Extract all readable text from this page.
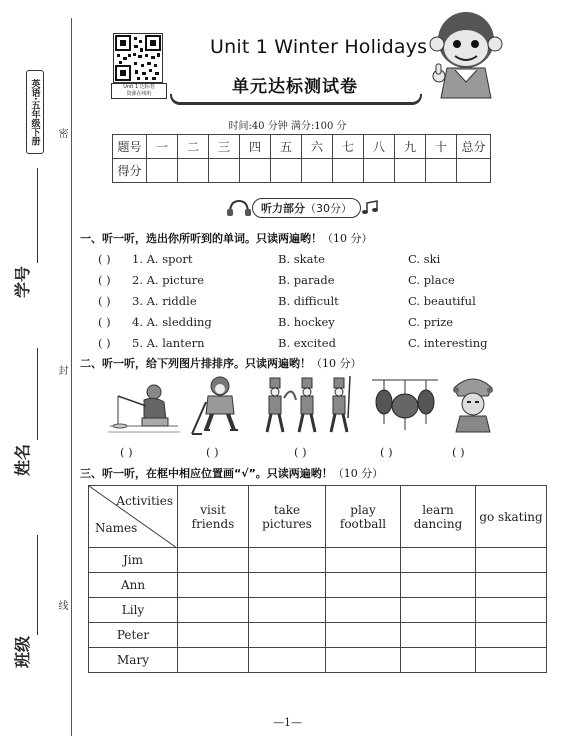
英语·五年级下册	密
封
线
学号
姓名
班级
Unit 1 达标卷
资源在线听
Unit 1 Winter Holidays
单元达标测试卷
时间:40 分钟 满分:100 分
题号	一	二	三	四	五	六	七	八	九	十	总分
得分											
听力部分（30分）
一、听一听，选出你所听到的单词。只读两遍哟！（10 分）
( ) 1. A. sport	B. skate	C. ski
( ) 2. A. picture	B. parade	C. place
( ) 3. A. riddle	B. difficult	C. beautiful
( ) 4. A. sledding	B. hockey	C. prize
( ) 5. A. lantern	B. excited	C. interesting
二、听一听，给下列图片排排序。只读两遍哟！（10 分）
( )	( )	( )	( )	( )
三、听一听，在框中相应位置画“√”。只读两遍哟！（10 分）
Activities
Names	visit friends	take pictures	play football	learn dancing	go skating
Jim					
Ann					
Lily					
Peter					
Mary					
—1—
